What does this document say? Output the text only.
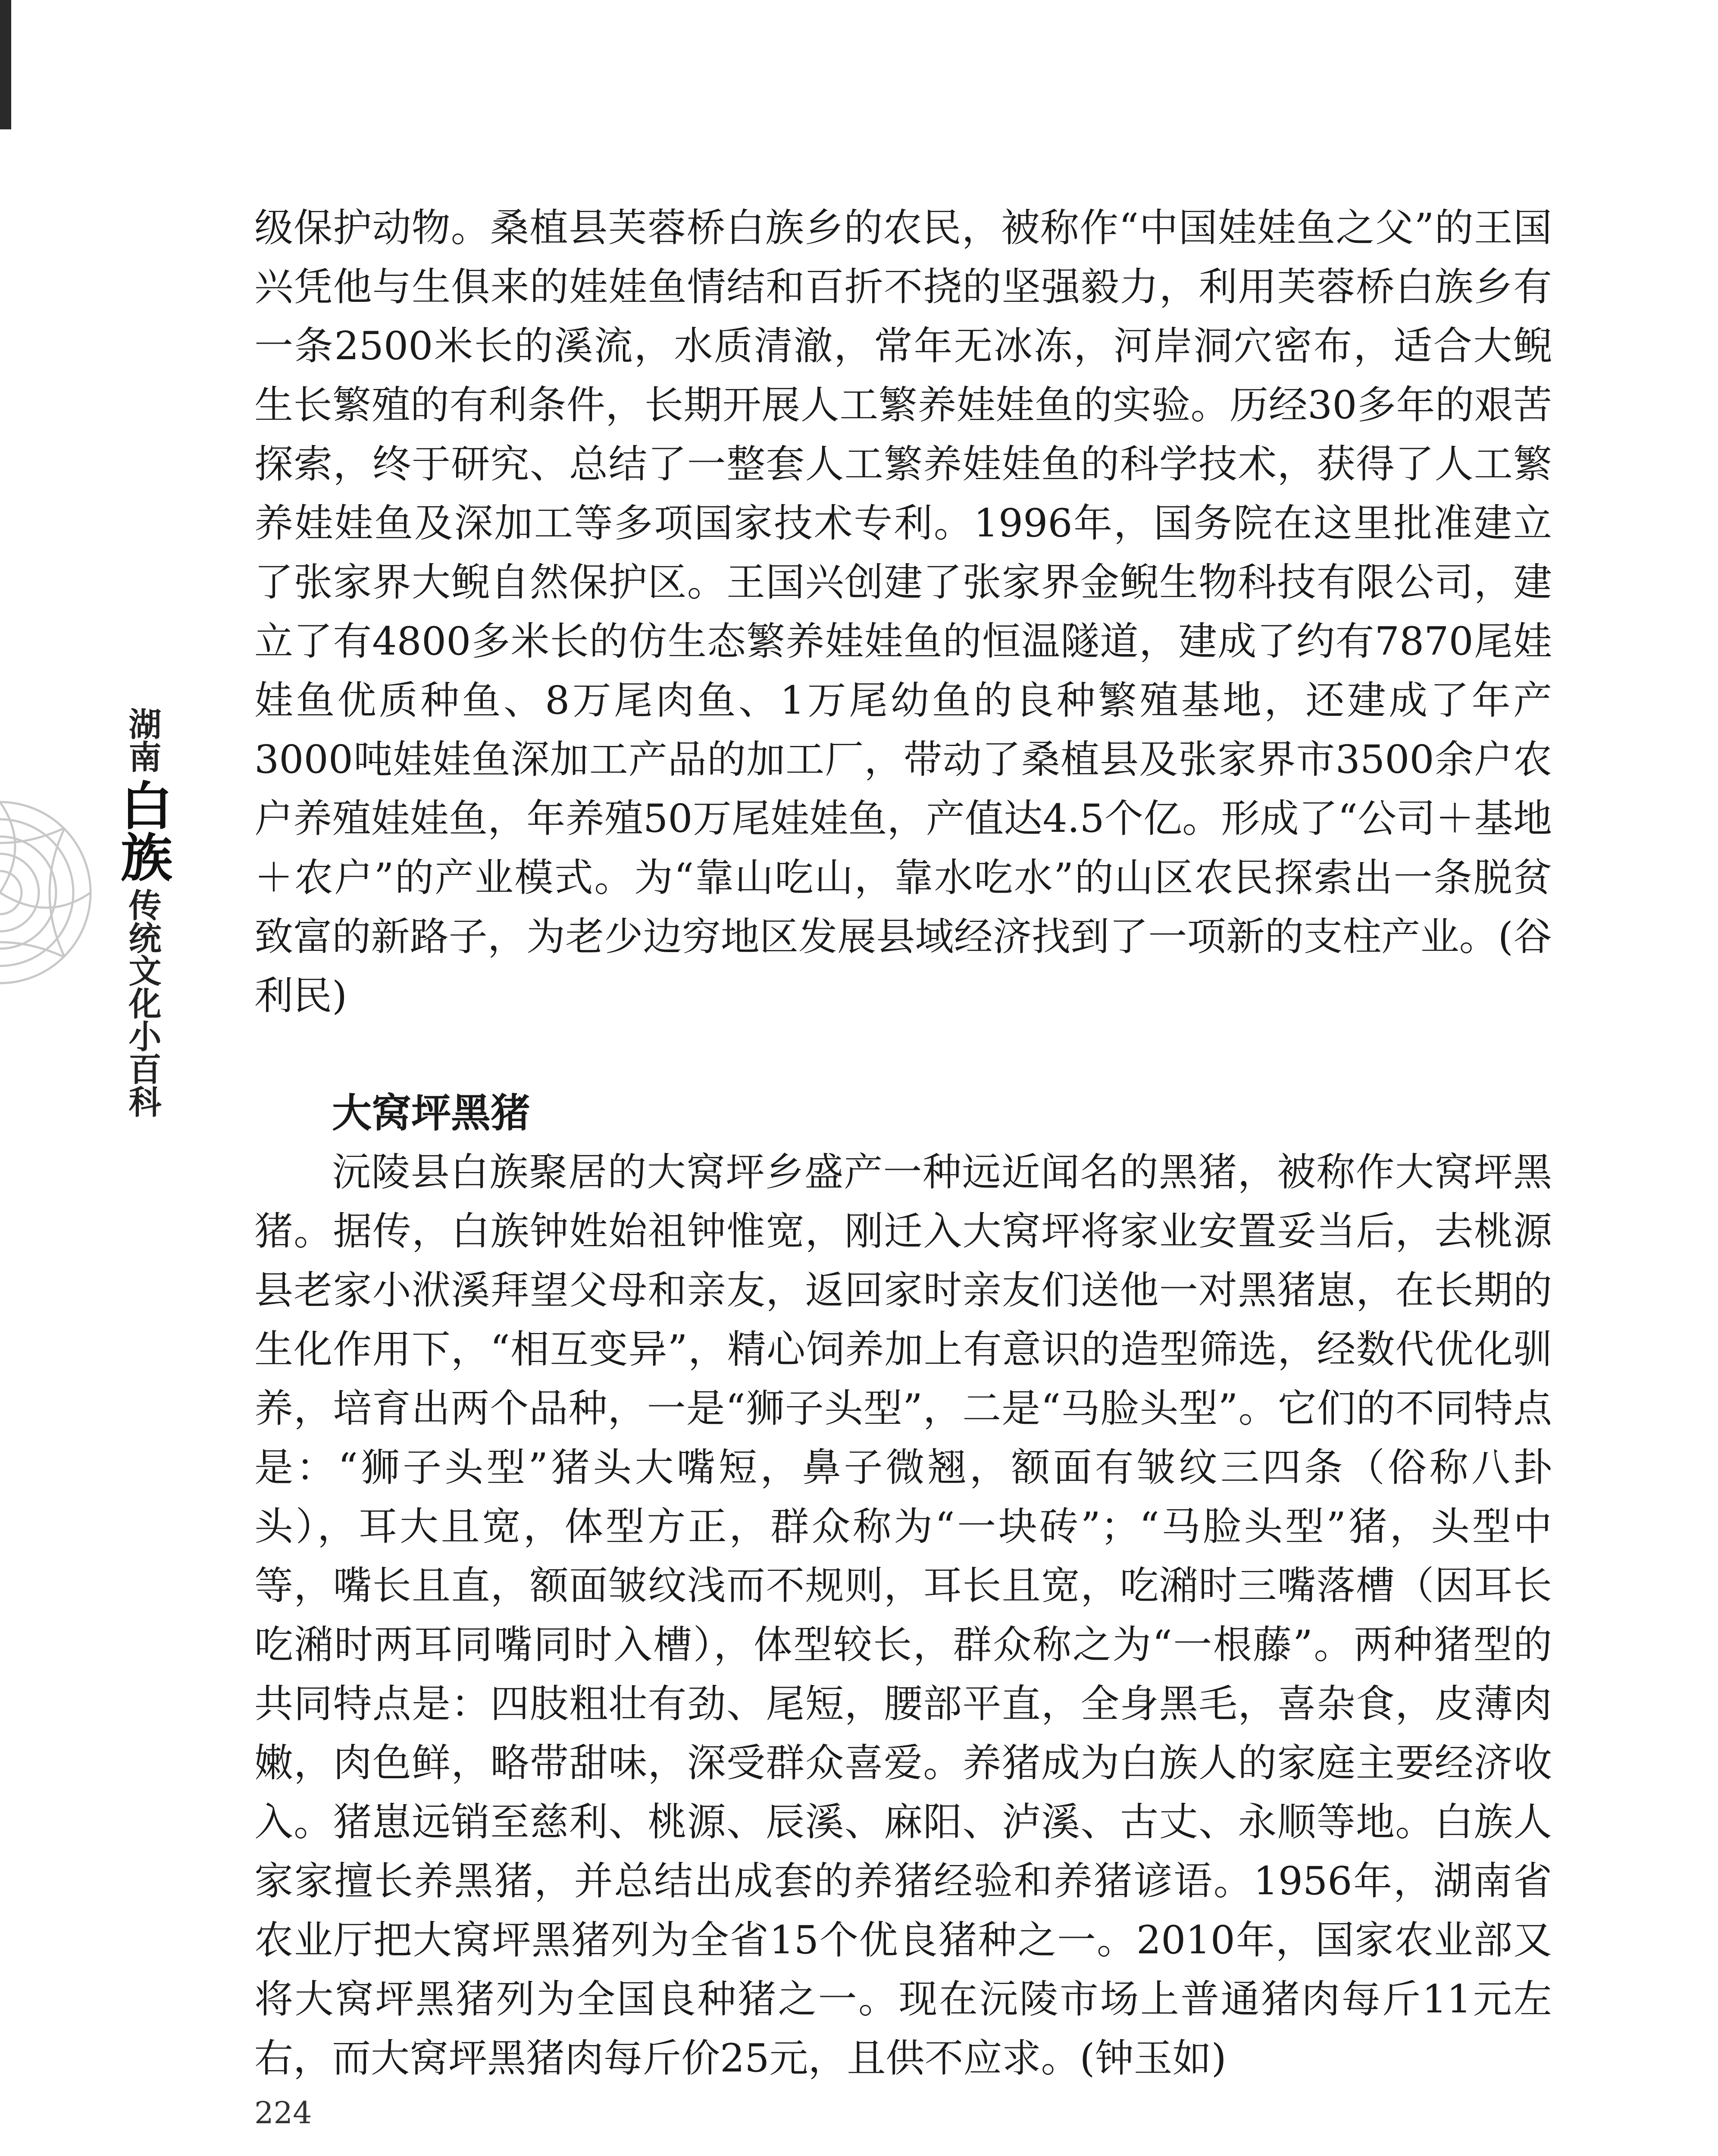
湖南
白族
传统文化小百科

级保护动物。桑植县芙蓉桥白族乡的农民，被称作“中国娃娃鱼之父”的王国兴凭他与生俱来的娃娃鱼情结和百折不挠的坚强毅力，利用芙蓉桥白族乡有一条2500米长的溪流，水质清澈，常年无冰冻，河岸洞穴密布，适合大鲵生长繁殖的有利条件，长期开展人工繁养娃娃鱼的实验。历经30多年的艰苦探索，终于研究、总结了一整套人工繁养娃娃鱼的科学技术，获得了人工繁养娃娃鱼及深加工等多项国家技术专利。1996年，国务院在这里批准建立了张家界大鲵自然保护区。王国兴创建了张家界金鲵生物科技有限公司，建立了有4800多米长的仿生态繁养娃娃鱼的恒温隧道，建成了约有7870尾娃娃鱼优质种鱼、8万尾肉鱼、1万尾幼鱼的良种繁殖基地，还建成了年产3000吨娃娃鱼深加工产品的加工厂，带动了桑植县及张家界市3500余户农户养殖娃娃鱼，年养殖50万尾娃娃鱼，产值达4.5个亿。形成了“公司＋基地＋农户”的产业模式。为“靠山吃山，靠水吃水”的山区农民探索出一条脱贫致富的新路子，为老少边穷地区发展县域经济找到了一项新的支柱产业。(谷利民)

大窝坪黑猪

沅陵县白族聚居的大窝坪乡盛产一种远近闻名的黑猪，被称作大窝坪黑猪。据传，白族钟姓始祖钟惟宽，刚迁入大窝坪将家业安置妥当后，去桃源县老家小洑溪拜望父母和亲友，返回家时亲友们送他一对黑猪崽，在长期的生化作用下，“相互变异”，精心饲养加上有意识的造型筛选，经数代优化驯养，培育出两个品种，一是“狮子头型”，二是“马脸头型”。它们的不同特点是：“狮子头型”猪头大嘴短，鼻子微翘，额面有皱纹三四条（俗称八卦头），耳大且宽，体型方正，群众称为“一块砖”；“马脸头型”猪，头型中等，嘴长且直，额面皱纹浅而不规则，耳长且宽，吃潲时三嘴落槽（因耳长吃潲时两耳同嘴同时入槽），体型较长，群众称之为“一根藤”。两种猪型的共同特点是：四肢粗壮有劲、尾短，腰部平直，全身黑毛，喜杂食，皮薄肉嫩，肉色鲜，略带甜味，深受群众喜爱。养猪成为白族人的家庭主要经济收入。猪崽远销至慈利、桃源、辰溪、麻阳、泸溪、古丈、永顺等地。白族人家家擅长养黑猪，并总结出成套的养猪经验和养猪谚语。1956年，湖南省农业厅把大窝坪黑猪列为全省15个优良猪种之一。2010年，国家农业部又将大窝坪黑猪列为全国良种猪之一。现在沅陵市场上普通猪肉每斤11元左右，而大窝坪黑猪肉每斤价25元，且供不应求。(钟玉如)

224
